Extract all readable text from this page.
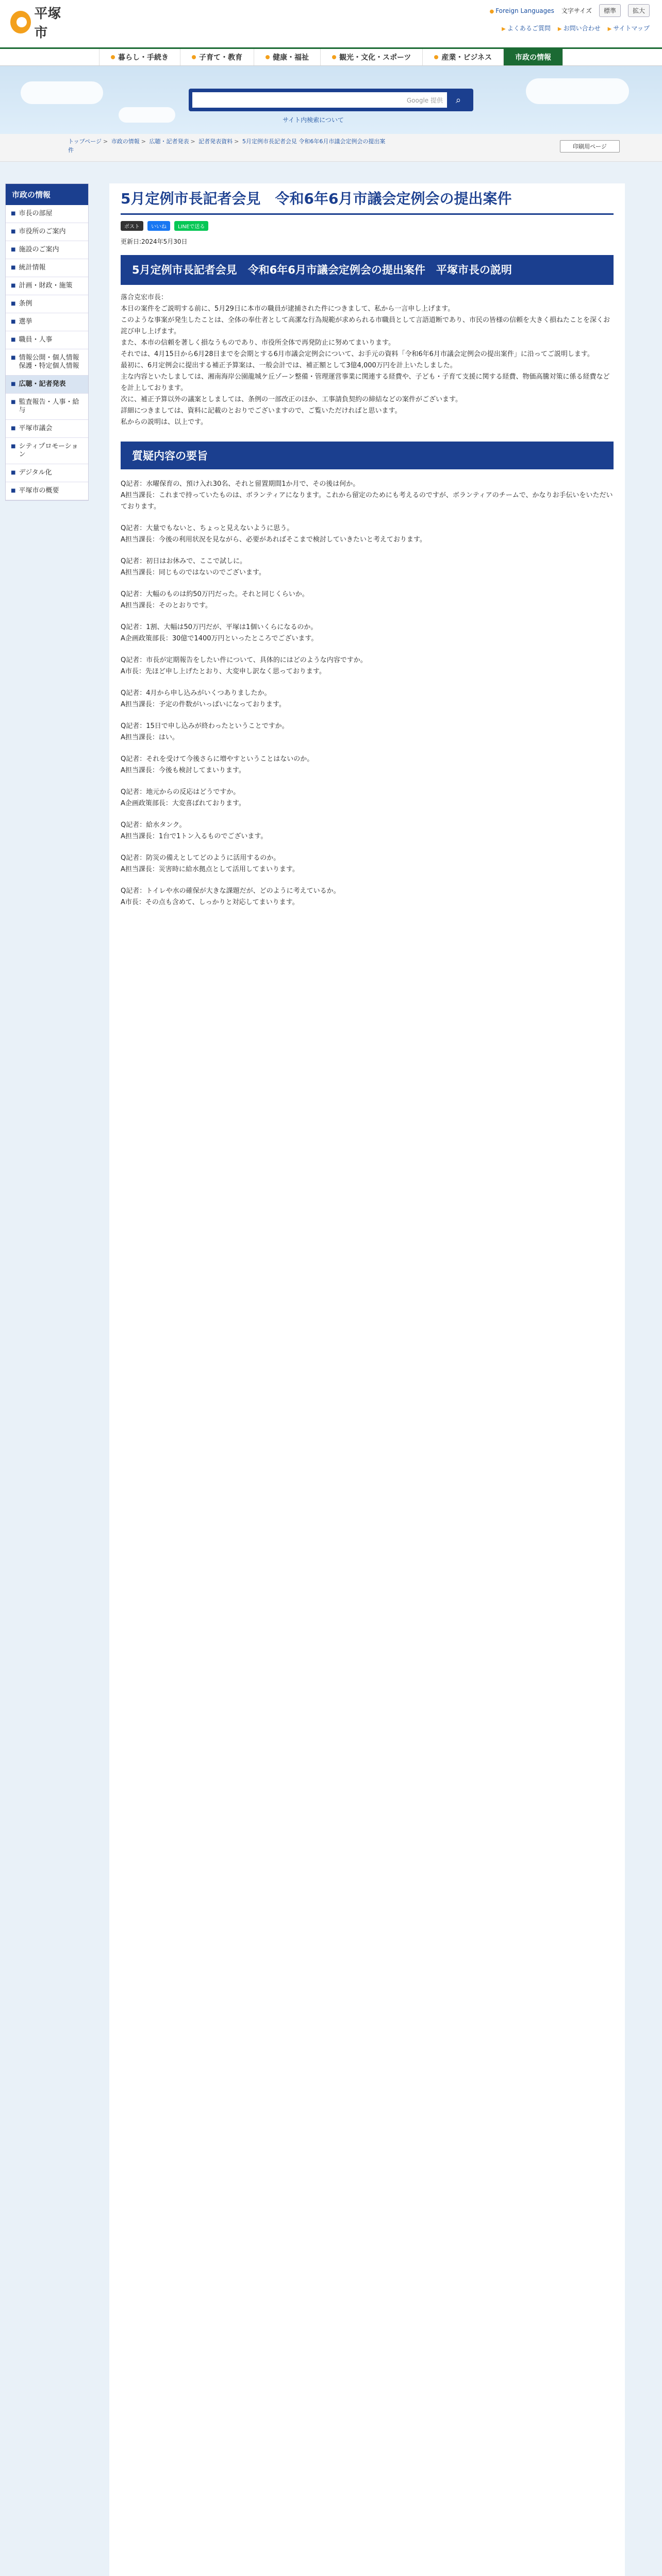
平塚市
● Foreign Languages 文字サイズ	標準	拡大
▶ よくあるご質問 ▶ お問い合わせ ▶ サイトマップ
暮らし・手続き	子育て・教育	健康・福祉	観光・文化・スポーツ	産業・ビジネス	市政の情報
Google 提供 ⌕
サイト内検索について
トップページ > 市政の情報 > 広聴・記者発表 > 記者発表資料 > 5月定例市長記者会見 令和6年6月市議会定例会の提出案件
印刷用ページ
市政の情報
■ 市長の部屋
■ 市役所のご案内
■ 施設のご案内
■ 統計情報
■ 計画・財政・施策
■ 条例
■ 選挙
■ 職員・人事
■ 情報公開・個人情報保護・特定個人情報
■ 広聴・記者発表
■ 監査報告・人事・給与
■ 平塚市議会
■ シティプロモーション
■ デジタル化
■ 平塚市の概要
5月定例市長記者会見　令和6年6月市議会定例会の提出案件
ポスト	いいね	LINEで送る
更新日:2024年5月30日
5月定例市長記者会見　令和6年6月市議会定例会の提出案件　平塚市長の説明

落合克宏市長：

本日の案件をご説明する前に、5月29日に本市の職員が逮捕された件につきまして、私から一言申し上げます。

このような事案が発生したことは、全体の奉仕者として高潔な行為規範が求められる市職員として言語道断であり、市民の皆様の信頼を大きく損ねたことを深くお詫び申し上げます。

また、本市の信頼を著しく損なうものであり、市役所全体で再発防止に努めてまいります。

それでは、4月15日から6月28日までを会期とする6月市議会定例会について、お手元の資料「令和6年6月市議会定例会の提出案件」に沿ってご説明します。

最初に、6月定例会に提出する補正予算案は、一般会計では、補正額として3億4,000万円を計上いたしました。

主な内容といたしましては、湘南海岸公園龍城ケ丘ゾーン整備・管理運営事業に関連する経費や、子ども・子育て支援に関する経費、物価高騰対策に係る経費などを計上しております。

次に、補正予算以外の議案としましては、条例の一部改正のほか、工事請負契約の締結などの案件がございます。

詳細につきましては、資料に記載のとおりでございますので、ご覧いただければと思います。

私からの説明は、以上です。

質疑内容の要旨

Q記者：水曜保育の、預け入れ30名、それと留置期間1か月で、その後は何か。

A担当課長：これまで持っていたものは、ボランティアになります。これから留定のためにも考えるのですが、ボランティアのチームで、かなりお手伝いをいただいております。

Q記者：大量でもないと、ちょっと見えないように思う。

A担当課長：今後の利用状況を見ながら、必要があればそこまで検討していきたいと考えております。

Q記者：初日はお休みで、ここで試しに。

A担当課長：同じものではないのでございます。

Q記者：大幅のものは約50万円だった。それと同じくらいか。

A担当課長：そのとおりです。

Q記者：1割、大幅は50万円だが、平塚は1個いくらになるのか。

A企画政策部長：30億で1400万円といったところでございます。

Q記者：市長が定期報告をしたい件について、具体的にはどのような内容ですか。

A市長：先ほど申し上げたとおり、大変申し訳なく思っております。

Q記者：4月から申し込みがいくつありましたか。

A担当課長：予定の件数がいっぱいになっております。

Q記者：15日で申し込みが終わったということですか。

A担当課長：はい。

Q記者：それを受けて今後さらに増やすということはないのか。

A担当課長：今後も検討してまいります。

Q記者：地元からの反応はどうですか。

A企画政策部長：大変喜ばれております。

Q記者：給水タンク。

A担当課長：1台で1トン入るものでございます。

Q記者：防災の備えとしてどのように活用するのか。

A担当課長：災害時に給水拠点として活用してまいります。

Q記者：トイレや水の確保が大きな課題だが、どのように考えているか。

A市長：その点も含めて、しっかりと対応してまいります。
